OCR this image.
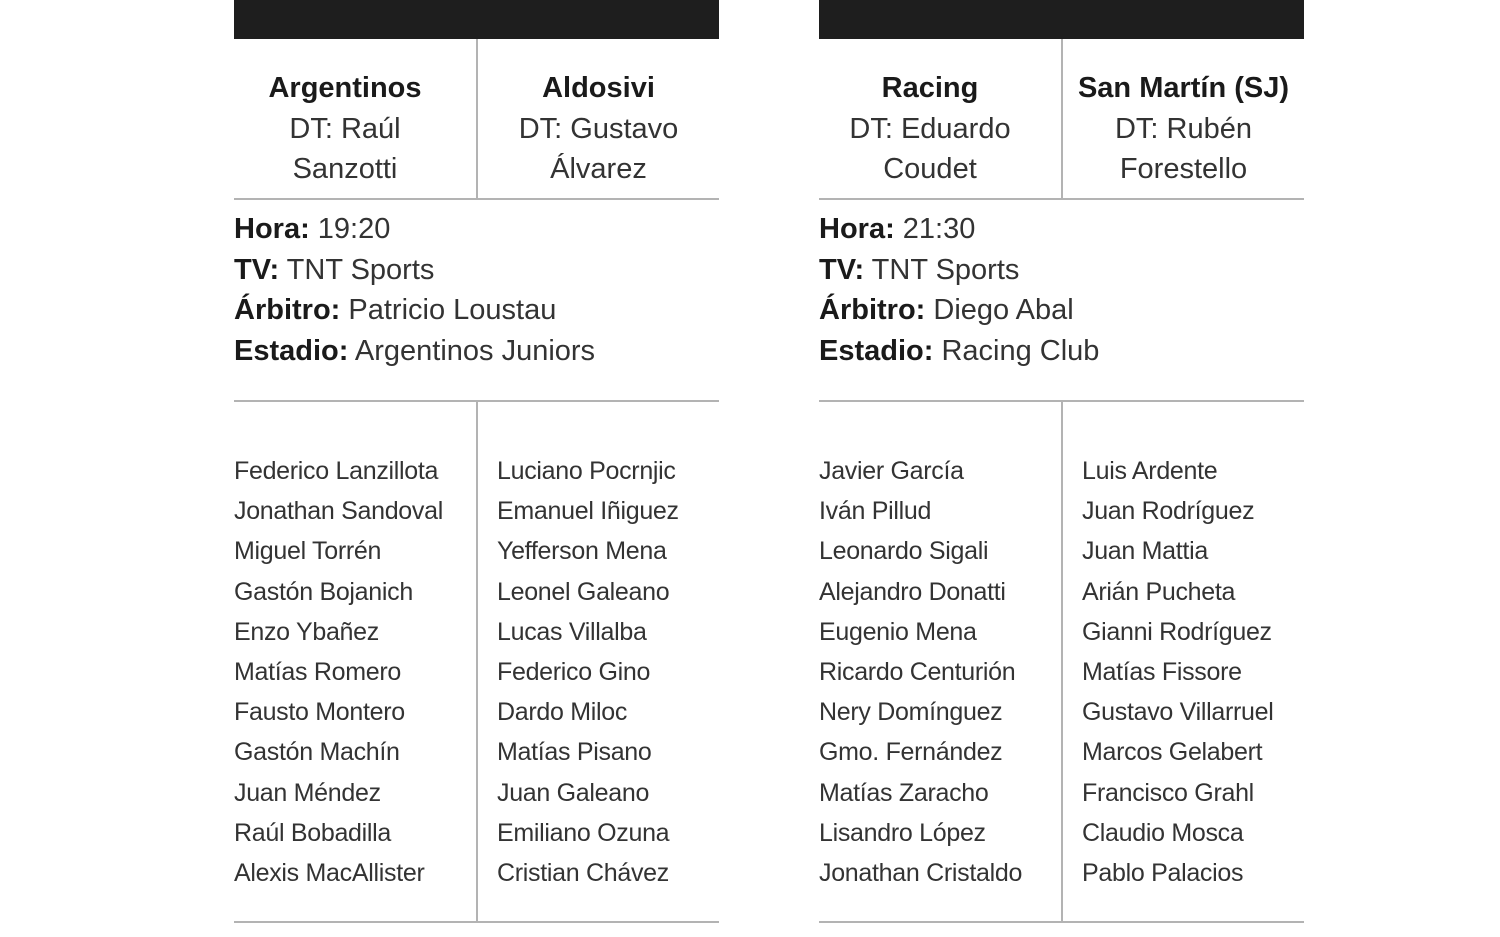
Argentinos
DT: Raúl
Sanzotti
Aldosivi
DT: Gustavo
Álvarez
Hora: 19:20
TV: TNT Sports
Árbitro: Patricio Loustau
Estadio: Argentinos Juniors
Federico Lanzillota
Jonathan Sandoval
Miguel Torrén
Gastón Bojanich
Enzo Ybañez
Matías Romero
Fausto Montero
Gastón Machín
Juan Méndez
Raúl Bobadilla
Alexis MacAllister
Luciano Pocrnjic
Emanuel Iñiguez
Yefferson Mena
Leonel Galeano
Lucas Villalba
Federico Gino
Dardo Miloc
Matías Pisano
Juan Galeano
Emiliano Ozuna
Cristian Chávez
Racing
DT: Eduardo
Coudet
San Martín (SJ)
DT: Rubén
Forestello
Hora: 21:30
TV: TNT Sports
Árbitro: Diego Abal
Estadio: Racing Club
Javier García
Iván Pillud
Leonardo Sigali
Alejandro Donatti
Eugenio Mena
Ricardo Centurión
Nery Domínguez
Gmo. Fernández
Matías Zaracho
Lisandro López
Jonathan Cristaldo
Luis Ardente
Juan Rodríguez
Juan Mattia
Arián Pucheta
Gianni Rodríguez
Matías Fissore
Gustavo Villarruel
Marcos Gelabert
Francisco Grahl
Claudio Mosca
Pablo Palacios
